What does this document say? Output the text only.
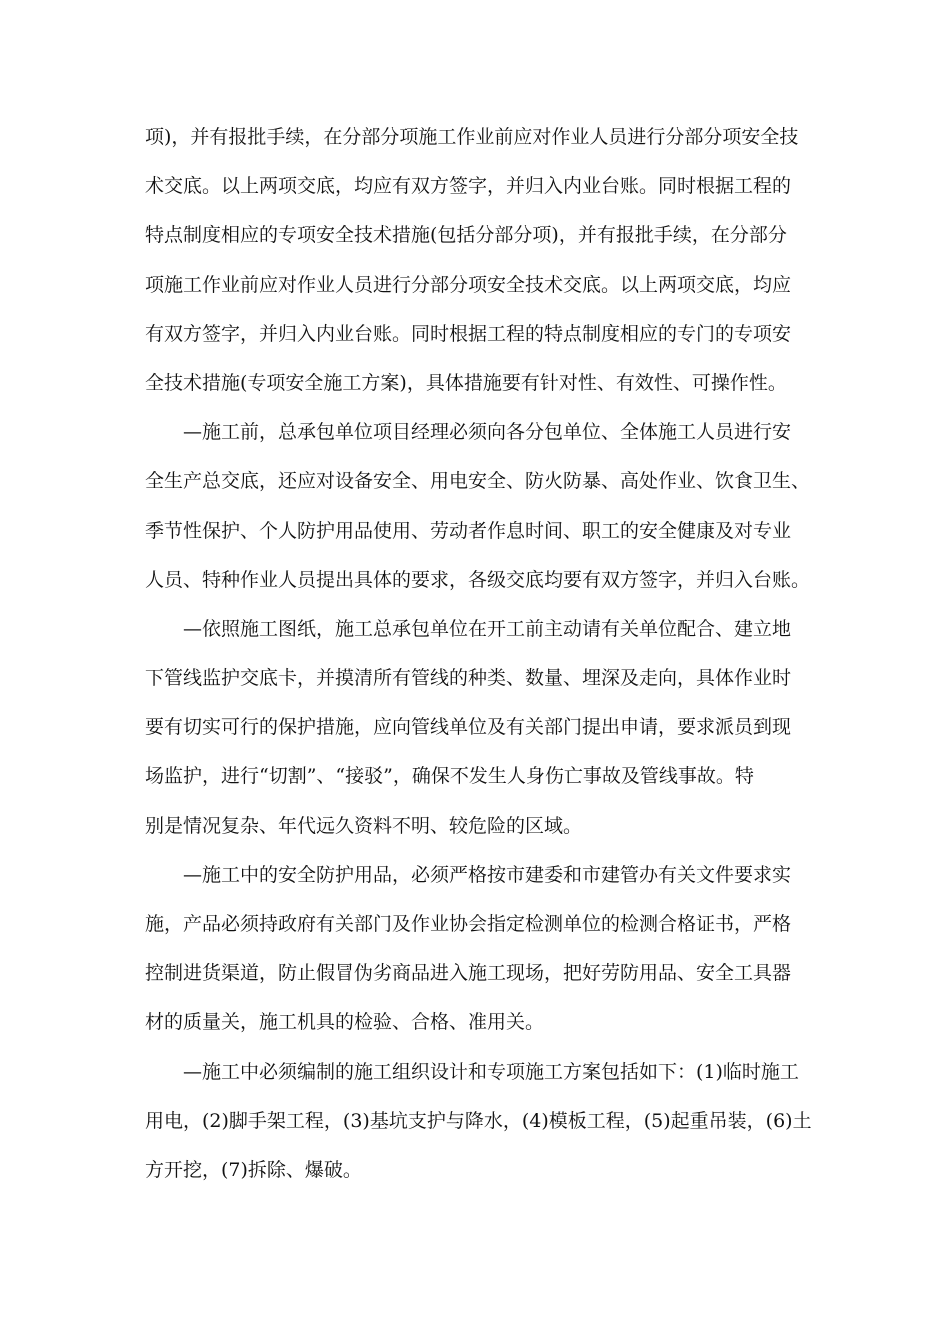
项)，并有报批手续，在分部分项施工作业前应对作业人员进行分部分项安全技
术交底。以上两项交底，均应有双方签字，并归入内业台账。同时根据工程的
特点制度相应的专项安全技术措施(包括分部分项)，并有报批手续，在分部分
项施工作业前应对作业人员进行分部分项安全技术交底。以上两项交底，均应
有双方签字，并归入内业台账。同时根据工程的特点制度相应的专门的专项安
全技术措施(专项安全施工方案)，具体措施要有针对性、有效性、可操作性。
—施工前，总承包单位项目经理必须向各分包单位、全体施工人员进行安
全生产总交底，还应对设备安全、用电安全、防火防暴、高处作业、饮食卫生、
季节性保护、个人防护用品使用、劳动者作息时间、职工的安全健康及对专业
人员、特种作业人员提出具体的要求，各级交底均要有双方签字，并归入台账。
—依照施工图纸，施工总承包单位在开工前主动请有关单位配合、建立地
下管线监护交底卡，并摸清所有管线的种类、数量、埋深及走向，具体作业时
要有切实可行的保护措施，应向管线单位及有关部门提出申请，要求派员到现
场监护，进行“切割”、“接驳”，确保不发生人身伤亡事故及管线事故。特
别是情况复杂、年代远久资料不明、较危险的区域。
—施工中的安全防护用品，必须严格按市建委和市建管办有关文件要求实
施，产品必须持政府有关部门及作业协会指定检测单位的检测合格证书，严格
控制进货渠道，防止假冒伪劣商品进入施工现场，把好劳防用品、安全工具器
材的质量关，施工机具的检验、合格、准用关。
—施工中必须编制的施工组织设计和专项施工方案包括如下：(1)临时施工
用电，(2)脚手架工程，(3)基坑支护与降水，(4)模板工程，(5)起重吊装，(6)土
方开挖，(7)拆除、爆破。
